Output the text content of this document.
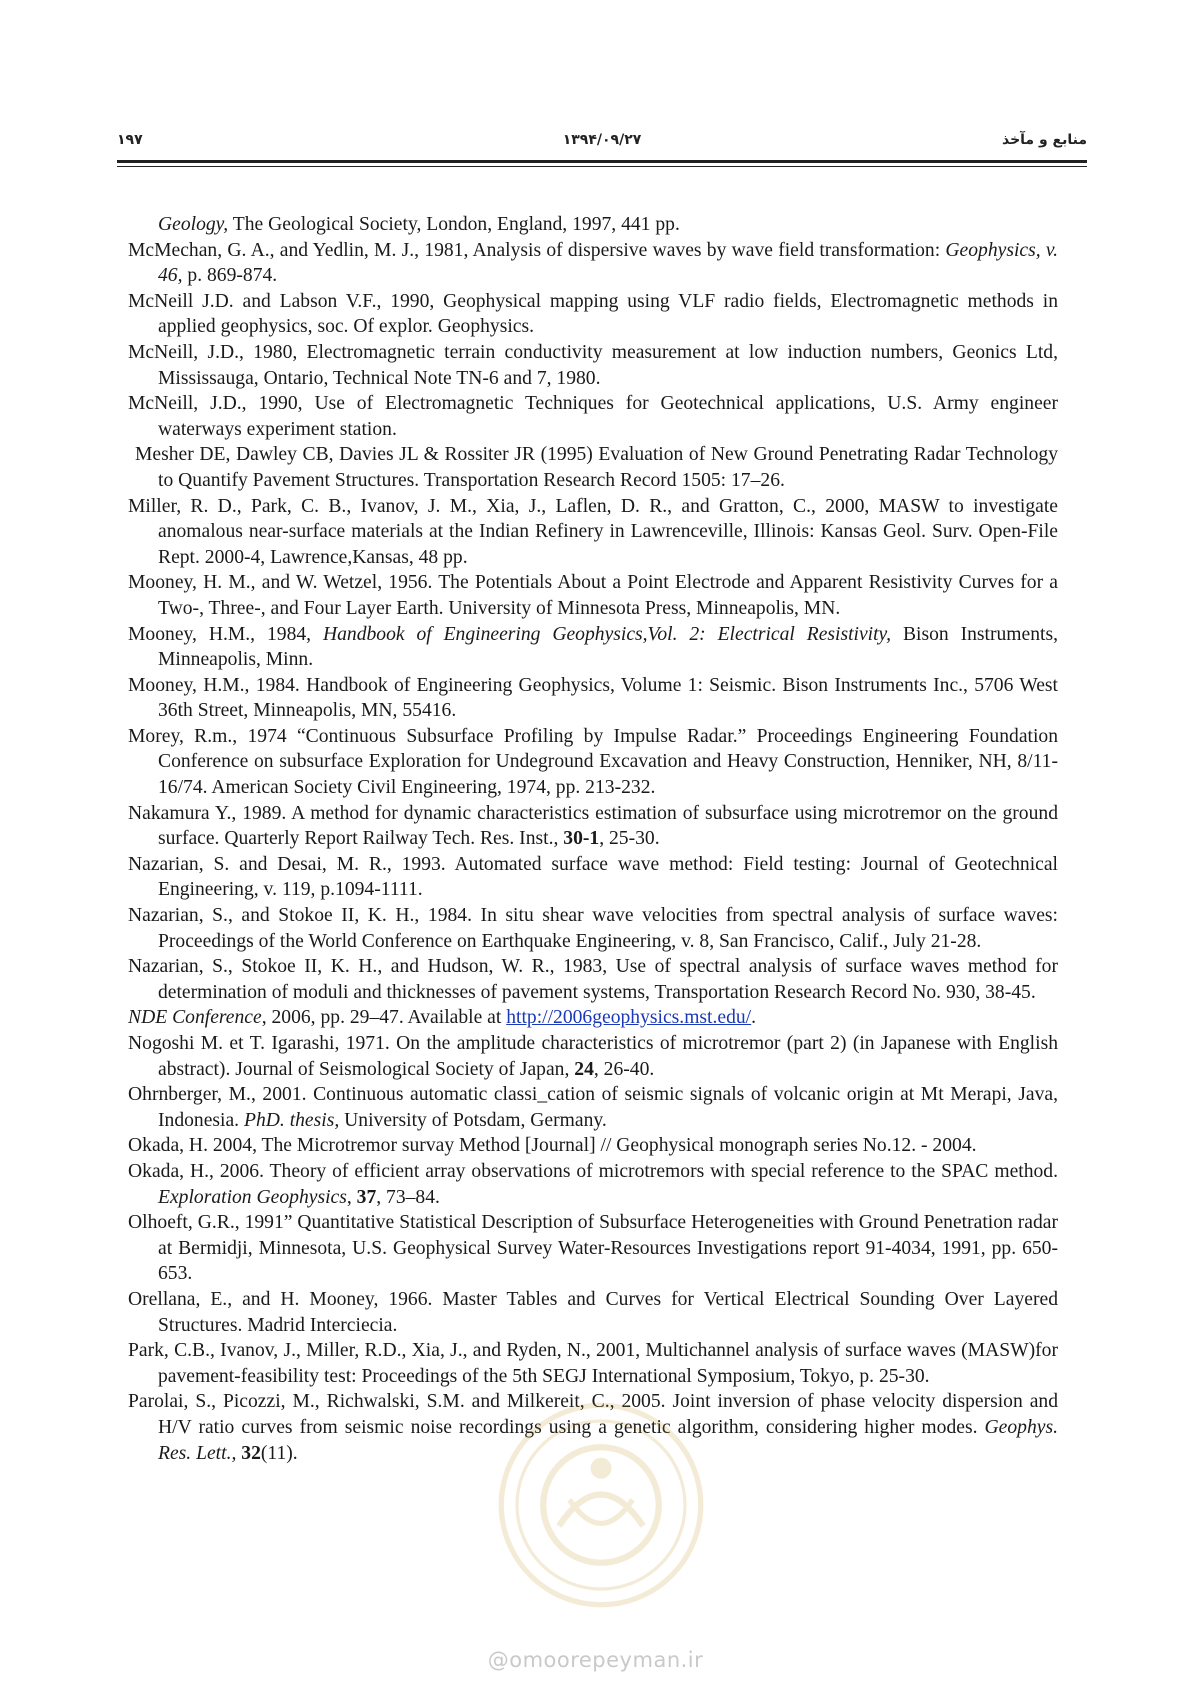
۱۹۷	۱۳۹۴/۰۹/۲۷	منابع و مآخذ

Geology, The Geological Society, London, England, 1997, 441 pp.

McMechan, G. A., and Yedlin, M. J., 1981, Analysis of dispersive waves by wave field transformation: Geophysics, v. 46, p. 869-874.

McNeill J.D. and Labson V.F., 1990, Geophysical mapping using VLF radio fields, Electromagnetic methods in applied geophysics, soc. Of explor. Geophysics.

McNeill, J.D., 1980, Electromagnetic terrain conductivity measurement at low induction numbers, Geonics Ltd, Mississauga, Ontario, Technical Note TN-6 and 7, 1980.

McNeill, J.D., 1990, Use of Electromagnetic Techniques for Geotechnical applications, U.S. Army engineer waterways experiment station.

Mesher DE, Dawley CB, Davies JL & Rossiter JR (1995) Evaluation of New Ground Penetrating Radar Technology to Quantify Pavement Structures. Transportation Research Record 1505: 17–26.

Miller, R. D., Park, C. B., Ivanov, J. M., Xia, J., Laflen, D. R., and Gratton, C., 2000, MASW to investigate anomalous near-surface materials at the Indian Refinery in Lawrenceville, Illinois: Kansas Geol. Surv. Open-File Rept. 2000-4, Lawrence,Kansas, 48 pp.

Mooney, H. M., and W. Wetzel, 1956. The Potentials About a Point Electrode and Apparent Resistivity Curves for a Two-, Three-, and Four Layer Earth. University of Minnesota Press, Minneapolis, MN.

Mooney, H.M., 1984, Handbook of Engineering Geophysics,Vol. 2: Electrical Resistivity, Bison Instruments, Minneapolis, Minn.

Mooney, H.M., 1984. Handbook of Engineering Geophysics, Volume 1: Seismic. Bison Instruments Inc., 5706 West 36th Street, Minneapolis, MN, 55416.

Morey, R.m., 1974 “Continuous Subsurface Profiling by Impulse Radar.” Proceedings Engineering Foundation Conference on subsurface Exploration for Undeground Excavation and Heavy Construction, Henniker, NH, 8/11-16/74. American Society Civil Engineering, 1974, pp. 213-232.

Nakamura Y., 1989. A method for dynamic characteristics estimation of subsurface using microtremor on the ground surface. Quarterly Report Railway Tech. Res. Inst., 30-1, 25-30.

Nazarian, S. and Desai, M. R., 1993. Automated surface wave method: Field testing: Journal of Geotechnical Engineering, v. 119, p.1094-1111.

Nazarian, S., and Stokoe II, K. H., 1984. In situ shear wave velocities from spectral analysis of surface waves: Proceedings of the World Conference on Earthquake Engineering, v. 8, San Francisco, Calif., July 21-28.

Nazarian, S., Stokoe II, K. H., and Hudson, W. R., 1983, Use of spectral analysis of surface waves method for determination of moduli and thicknesses of pavement systems, Transportation Research Record No. 930, 38-45.

NDE Conference, 2006, pp. 29–47. Available at http://2006geophysics.mst.edu/.

Nogoshi M. et T. Igarashi, 1971. On the amplitude characteristics of microtremor (part 2) (in Japanese with English abstract). Journal of Seismological Society of Japan, 24, 26-40.

Ohrnberger, M., 2001. Continuous automatic classi_cation of seismic signals of volcanic origin at Mt Merapi, Java, Indonesia. PhD. thesis, University of Potsdam, Germany.

Okada, H. 2004, The Microtremor survay Method [Journal] // Geophysical monograph series No.12. - 2004.

Okada, H., 2006. Theory of efficient array observations of microtremors with special reference to the SPAC method. Exploration Geophysics, 37, 73–84.

Olhoeft, G.R., 1991” Quantitative Statistical Description of Subsurface Heterogeneities with Ground Penetration radar at Bermidji, Minnesota, U.S. Geophysical Survey Water-Resources Investigations report 91-4034, 1991, pp. 650-653.

Orellana, E., and H. Mooney, 1966. Master Tables and Curves for Vertical Electrical Sounding Over Layered Structures. Madrid Interciecia.

Park, C.B., Ivanov, J., Miller, R.D., Xia, J., and Ryden, N., 2001, Multichannel analysis of surface waves (MASW)for pavement-feasibility test: Proceedings of the 5th SEGJ International Symposium, Tokyo, p. 25-30.

Parolai, S., Picozzi, M., Richwalski, S.M. and Milkereit, C., 2005. Joint inversion of phase velocity dispersion and H/V ratio curves from seismic noise recordings using a genetic algorithm, considering higher modes. Geophys. Res. Lett., 32(11).

@omoorepeyman.ir
